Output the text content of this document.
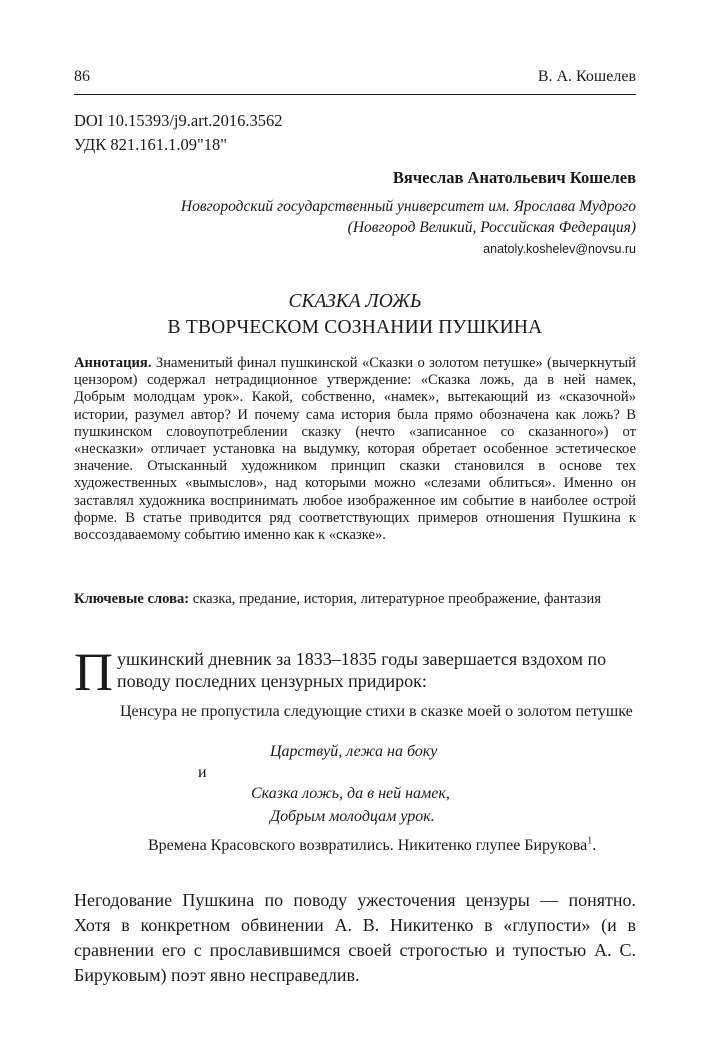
86	В. А. Кошелев
DOI 10.15393/j9.art.2016.3562
УДК 821.161.1.09"18"
Вячеслав Анатольевич Кошелев
Новгородский государственный университет им. Ярослава Мудрого
(Новгород Великий, Российская Федерация)
anatoly.koshelev@novsu.ru
СКАЗКА ЛОЖЬ
В ТВОРЧЕСКОМ СОЗНАНИИ ПУШКИНА
Аннотация. Знаменитый финал пушкинской «Сказки о золотом петушке» (вычеркнутый цензором) содержал нетрадиционное утверждение: «Сказка ложь, да в ней намек, Добрым молодцам урок». Какой, собственно, «намек», вытекающий из «сказочной» истории, разумел автор? И почему сама история была прямо обозначена как ложь? В пушкинском словоупотреблении сказку (нечто «записанное со сказанного») от «несказки» отличает установка на выдумку, которая обретает особенное эстетическое значение. Отысканный художником принцип сказки становился в основе тех художественных «вымыслов», над которыми можно «слезами облиться». Именно он заставлял художника воспринимать любое изображенное им событие в наиболее острой форме. В статье приводится ряд соответствующих примеров отношения Пушкина к воссоздаваемому событию именно как к «сказке».
Ключевые слова: сказка, предание, история, литературное преображение, фантазия
П ушкинский дневник за 1833–1835 годы завершается вздохом по поводу последних цензурных придирок:
Ценсура не пропустила следующие стихи в сказке моей о золотом петушке
Царствуй, лежа на боку
и
Сказка ложь, да в ней намек,
Добрым молодцам урок.
Времена Красовского возвратились. Никитенко глупее Бирукова$^1$.
Негодование Пушкина по поводу ужесточения цензуры — понятно. Хотя в конкретном обвинении А. В. Никитенко в «глупости» (и в сравнении его с прославившимся своей строгостью и тупостью А. С. Бируковым) поэт явно несправедлив.
